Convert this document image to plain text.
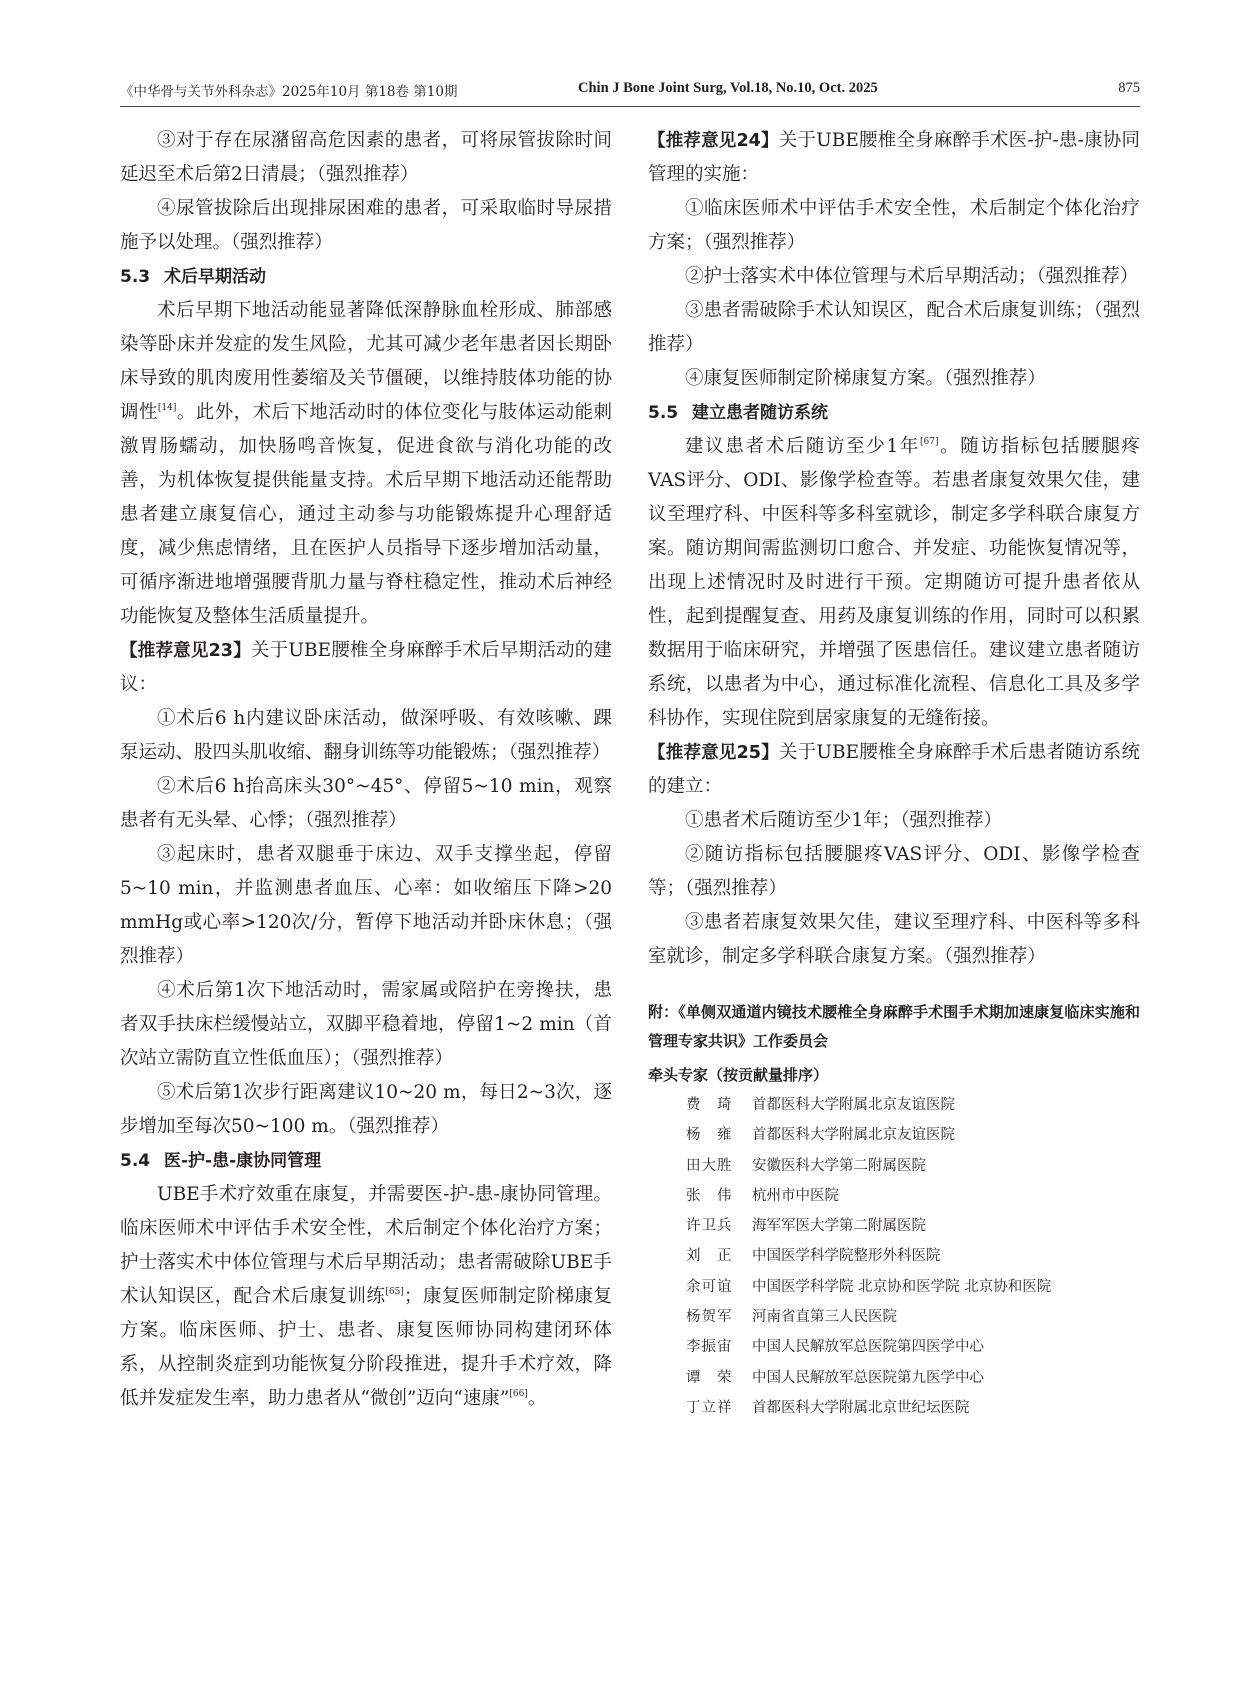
《中华骨与关节外科杂志》2025年10月 第18卷 第10期	Chin J Bone Joint Surg, Vol.18, No.10, Oct. 2025	875

③对于存在尿潴留高危因素的患者，可将尿管拔除时间延迟至术后第2日清晨；（强烈推荐）

④尿管拔除后出现排尿困难的患者，可采取临时导尿措施予以处理。（强烈推荐）

5.3 术后早期活动

术后早期下地活动能显著降低深静脉血栓形成、肺部感染等卧床并发症的发生风险，尤其可减少老年患者因长期卧床导致的肌肉废用性萎缩及关节僵硬，以维持肢体功能的协调性[14]。此外，术后下地活动时的体位变化与肢体运动能刺激胃肠蠕动，加快肠鸣音恢复，促进食欲与消化功能的改善，为机体恢复提供能量支持。术后早期下地活动还能帮助患者建立康复信心，通过主动参与功能锻炼提升心理舒适度，减少焦虑情绪，且在医护人员指导下逐步增加活动量，可循序渐进地增强腰背肌力量与脊柱稳定性，推动术后神经功能恢复及整体生活质量提升。

【推荐意见23】关于UBE腰椎全身麻醉手术后早期活动的建议：

①术后6 h内建议卧床活动，做深呼吸、有效咳嗽、踝泵运动、股四头肌收缩、翻身训练等功能锻炼；（强烈推荐）

②术后6 h抬高床头30°~45°、停留5~10 min，观察患者有无头晕、心悸；（强烈推荐）

③起床时，患者双腿垂于床边、双手支撑坐起，停留5~10 min，并监测患者血压、心率：如收缩压下降>20 mmHg或心率>120次/分，暂停下地活动并卧床休息；（强烈推荐）

④术后第1次下地活动时，需家属或陪护在旁搀扶，患者双手扶床栏缓慢站立，双脚平稳着地，停留1~2 min（首次站立需防直立性低血压）；（强烈推荐）

⑤术后第1次步行距离建议10~20 m，每日2~3次，逐步增加至每次50~100 m。（强烈推荐）

5.4 医-护-患-康协同管理

UBE手术疗效重在康复，并需要医-护-患-康协同管理。临床医师术中评估手术安全性，术后制定个体化治疗方案；护士落实术中体位管理与术后早期活动；患者需破除UBE手术认知误区，配合术后康复训练[65]；康复医师制定阶梯康复方案。临床医师、护士、患者、康复医师协同构建闭环体系，从控制炎症到功能恢复分阶段推进，提升手术疗效，降低并发症发生率，助力患者从“微创”迈向“速康”[66]。

【推荐意见24】关于UBE腰椎全身麻醉手术医-护-患-康协同管理的实施：

①临床医师术中评估手术安全性，术后制定个体化治疗方案；（强烈推荐）

②护士落实术中体位管理与术后早期活动；（强烈推荐）

③患者需破除手术认知误区，配合术后康复训练；（强烈推荐）

④康复医师制定阶梯康复方案。（强烈推荐）

5.5 建立患者随访系统

建议患者术后随访至少1年[67]。随访指标包括腰腿疼VAS评分、ODI、影像学检查等。若患者康复效果欠佳，建议至理疗科、中医科等多科室就诊，制定多学科联合康复方案。随访期间需监测切口愈合、并发症、功能恢复情况等，出现上述情况时及时进行干预。定期随访可提升患者依从性，起到提醒复查、用药及康复训练的作用，同时可以积累数据用于临床研究，并增强了医患信任。建议建立患者随访系统，以患者为中心，通过标准化流程、信息化工具及多学科协作，实现住院到居家康复的无缝衔接。

【推荐意见25】关于UBE腰椎全身麻醉手术后患者随访系统的建立：

①患者术后随访至少1年；（强烈推荐）

②随访指标包括腰腿疼VAS评分、ODI、影像学检查等；（强烈推荐）

③患者若康复效果欠佳，建议至理疗科、中医科等多科室就诊，制定多学科联合康复方案。（强烈推荐）

附：《单侧双通道内镜技术腰椎全身麻醉手术围手术期加速康复临床实施和管理专家共识》工作委员会
牵头专家（按贡献量排序）
费　琦	首都医科大学附属北京友谊医院
杨　雍	首都医科大学附属北京友谊医院
田大胜	安徽医科大学第二附属医院
张　伟	杭州市中医院
许卫兵	海军军医大学第二附属医院
刘　正	中国医学科学院整形外科医院
余可谊	中国医学科学院 北京协和医学院 北京协和医院
杨贺军	河南省直第三人民医院
李振宙	中国人民解放军总医院第四医学中心
谭　荣	中国人民解放军总医院第九医学中心
丁立祥	首都医科大学附属北京世纪坛医院
